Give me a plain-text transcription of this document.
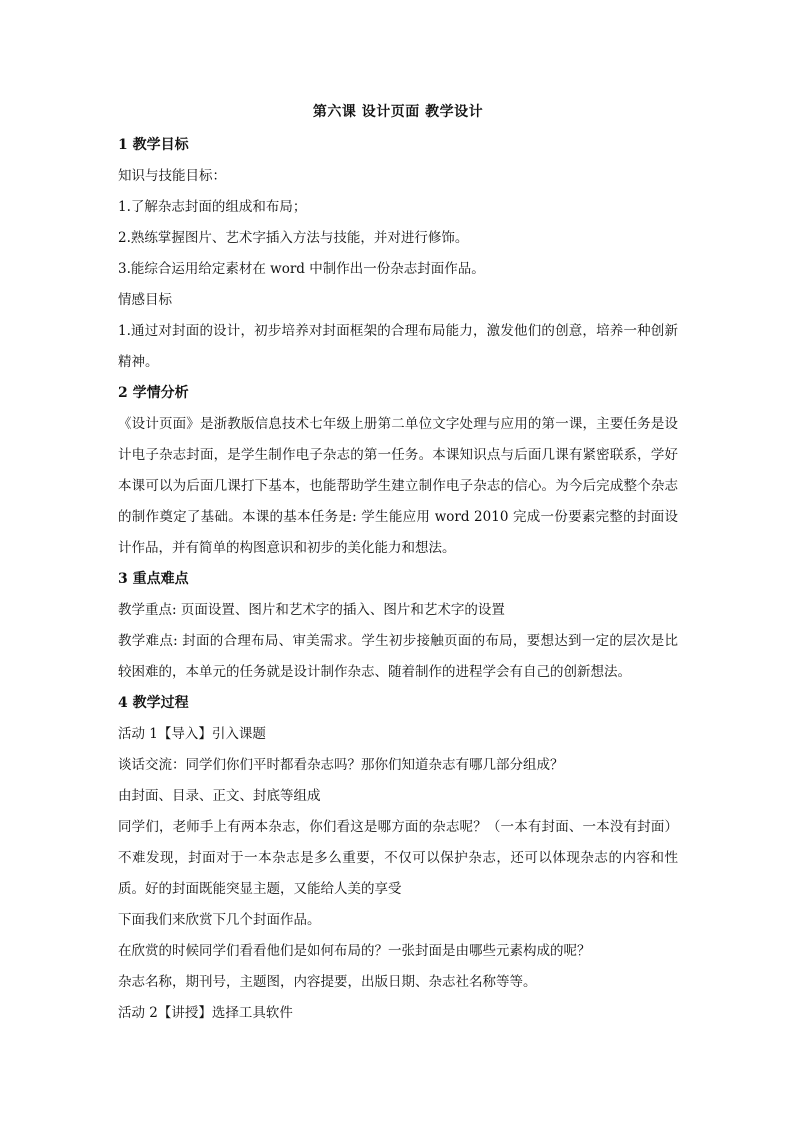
第六课 设计页面 教学设计
1 教学目标

知识与技能目标：

1.了解杂志封面的组成和布局；

2.熟练掌握图片、艺术字插入方法与技能，并对进行修饰。

3.能综合运用给定素材在 word 中制作出一份杂志封面作品。

情感目标

1.通过对封面的设计，初步培养对封面框架的合理布局能力，激发他们的创意，培养一种创新精神。

2 学情分析

《设计页面》是浙教版信息技术七年级上册第二单位文字处理与应用的第一课，主要任务是设计电子杂志封面，是学生制作电子杂志的第一任务。本课知识点与后面几课有紧密联系，学好本课可以为后面几课打下基本，也能帮助学生建立制作电子杂志的信心。为今后完成整个杂志的制作奠定了基础。本课的基本任务是: 学生能应用 word 2010 完成一份要素完整的封面设计作品，并有简单的构图意识和初步的美化能力和想法。

3 重点难点

教学重点: 页面设置、图片和艺术字的插入、图片和艺术字的设置

教学难点: 封面的合理布局、审美需求。学生初步接触页面的布局，要想达到一定的层次是比较困难的，本单元的任务就是设计制作杂志、随着制作的进程学会有自己的创新想法。

4 教学过程

活动 1【导入】引入课题

谈话交流：同学们你们平时都看杂志吗？那你们知道杂志有哪几部分组成？

由封面、目录、正文、封底等组成

同学们，老师手上有两本杂志，你们看这是哪方面的杂志呢？（一本有封面、一本没有封面）不难发现，封面对于一本杂志是多么重要，不仅可以保护杂志，还可以体现杂志的内容和性质。好的封面既能突显主题，又能给人美的享受

下面我们来欣赏下几个封面作品。

在欣赏的时候同学们看看他们是如何布局的？一张封面是由哪些元素构成的呢？

杂志名称，期刊号，主题图，内容提要，出版日期、杂志社名称等等。

活动 2【讲授】选择工具软件
